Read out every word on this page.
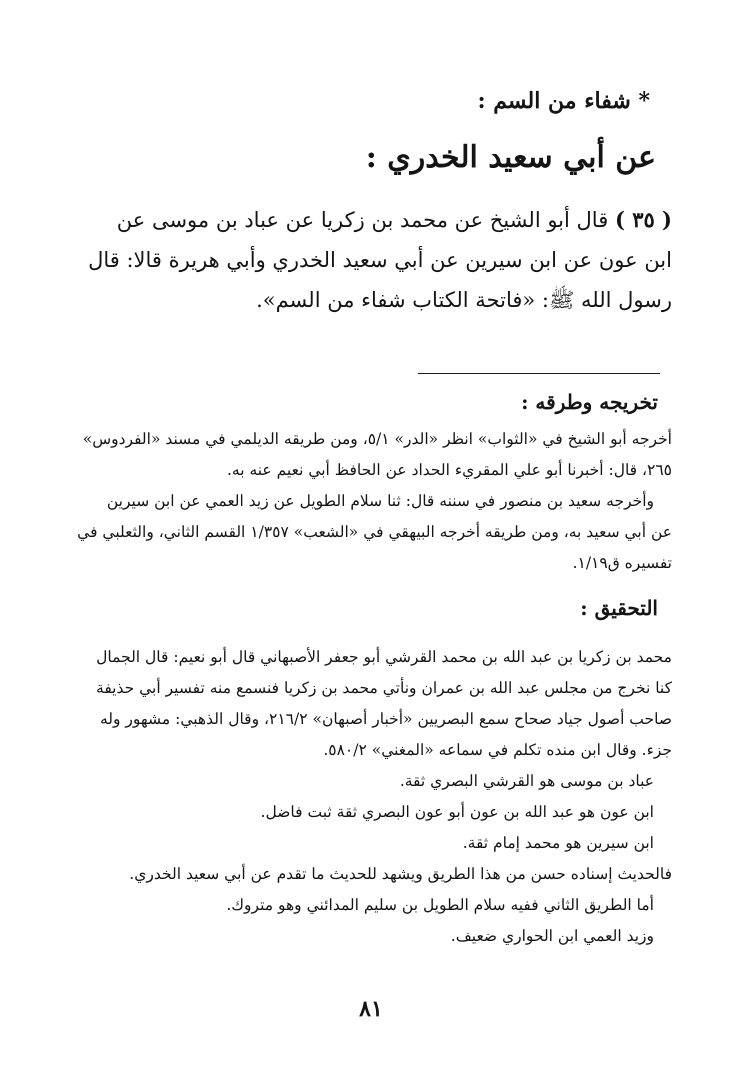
* شفاء من السم :
عن أبي سعيد الخدري :
( ٣٥ ) قال أبو الشيخ عن محمد بن زكريا عن عباد بن موسى عن
ابن عون عن ابن سيرين عن أبي سعيد الخدري وأبي هريرة قالا: قال
رسول الله ﷺ: «فاتحة الكتاب شفاء من السم».
تخريجه وطرقه :

أخرجه أبو الشيخ في «الثواب» انظر «الدر» ٥/١، ومن طريقه الديلمي في مسند «الفردوس»

٢٦٥، قال: أخبرنا أبو علي المقريء الحداد عن الحافظ أبي نعيم عنه به.

وأخرجه سعيد بن منصور في سننه قال: ثنا سلام الطويل عن زيد العمي عن ابن سيرين

عن أبي سعيد به، ومن طريقه أخرجه البيهقي في «الشعب» ١/٣٥٧ القسم الثاني، والثعلبي في

تفسيره ق١/١٩.

التحقيق :

محمد بن زكريا بن عبد الله بن محمد القرشي أبو جعفر الأصبهاني قال أبو نعيم: قال الجمال

كنا نخرج من مجلس عبد الله بن عمران ونأتي محمد بن زكريا فنسمع منه تفسير أبي حذيفة

صاحب أصول جياد صحاح سمع البصريين «أخبار أصبهان» ٢١٦/٢، وقال الذهبي: مشهور وله

جزء. وقال ابن منده تكلم في سماعه «المغني» ٥٨٠/٢.

عباد بن موسى هو القرشي البصري ثقة.

ابن عون هو عبد الله بن عون أبو عون البصري ثقة ثبت فاضل.

ابن سيرين هو محمد إمام ثقة.

فالحديث إسناده حسن من هذا الطريق ويشهد للحديث ما تقدم عن أبي سعيد الخدري.

أما الطريق الثاني ففيه سلام الطويل بن سليم المدائني وهو متروك.

وزيد العمي ابن الحواري ضعيف.

٨١
